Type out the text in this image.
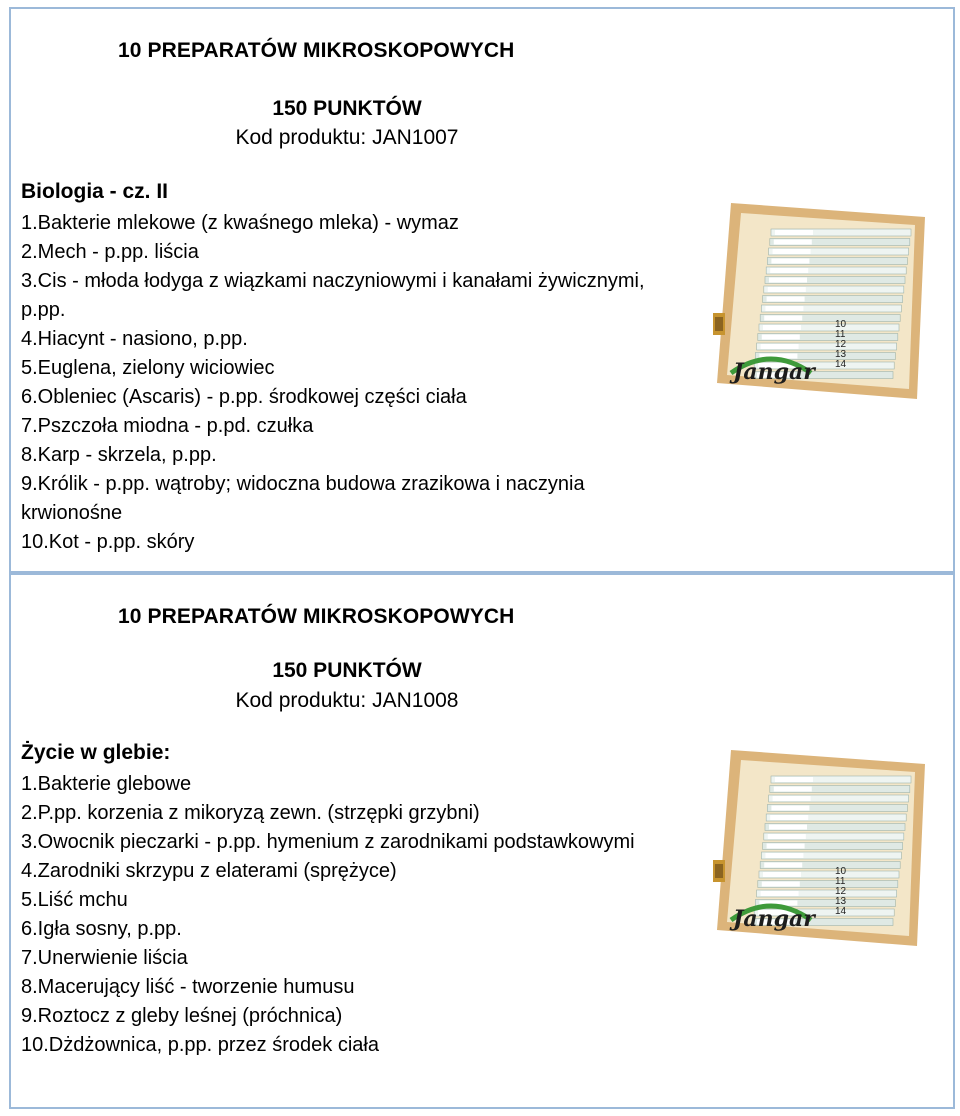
10 PREPARATÓW MIKROSKOPOWYCH
150 PUNKTÓW
Kod produktu: JAN1007
Biologia - cz. II
1.Bakterie mlekowe (z kwaśnego mleka) - wymaz
2.Mech - p.pp. liścia
3.Cis - młoda łodyga z wiązkami naczyniowymi i kanałami żywicznymi, p.pp.
4.Hiacynt - nasiono, p.pp.
5.Euglena, zielony wiciowiec
6.Obleniec (Ascaris) - p.pp. środkowej części ciała
7.Pszczoła miodna - p.pd. czułka
8.Karp - skrzela, p.pp.
9.Królik - p.pp. wątroby; widoczna budowa zrazikowa i naczynia krwionośne
10.Kot - p.pp. skóry
Jangar
10
11
12
13
14
10 PREPARATÓW MIKROSKOPOWYCH
150 PUNKTÓW
Kod produktu: JAN1008
Życie w glebie:
1.Bakterie glebowe
2.P.pp. korzenia z mikoryzą zewn. (strzępki grzybni)
3.Owocnik pieczarki - p.pp. hymenium z zarodnikami podstawkowymi
4.Zarodniki skrzypu z elaterami (sprężyce)
5.Liść mchu
6.Igła sosny, p.pp.
7.Unerwienie liścia
8.Macerujący liść - tworzenie humusu
9.Roztocz z gleby leśnej (próchnica)
10.Dżdżownica, p.pp. przez środek ciała
Jangar
10
11
12
13
14
